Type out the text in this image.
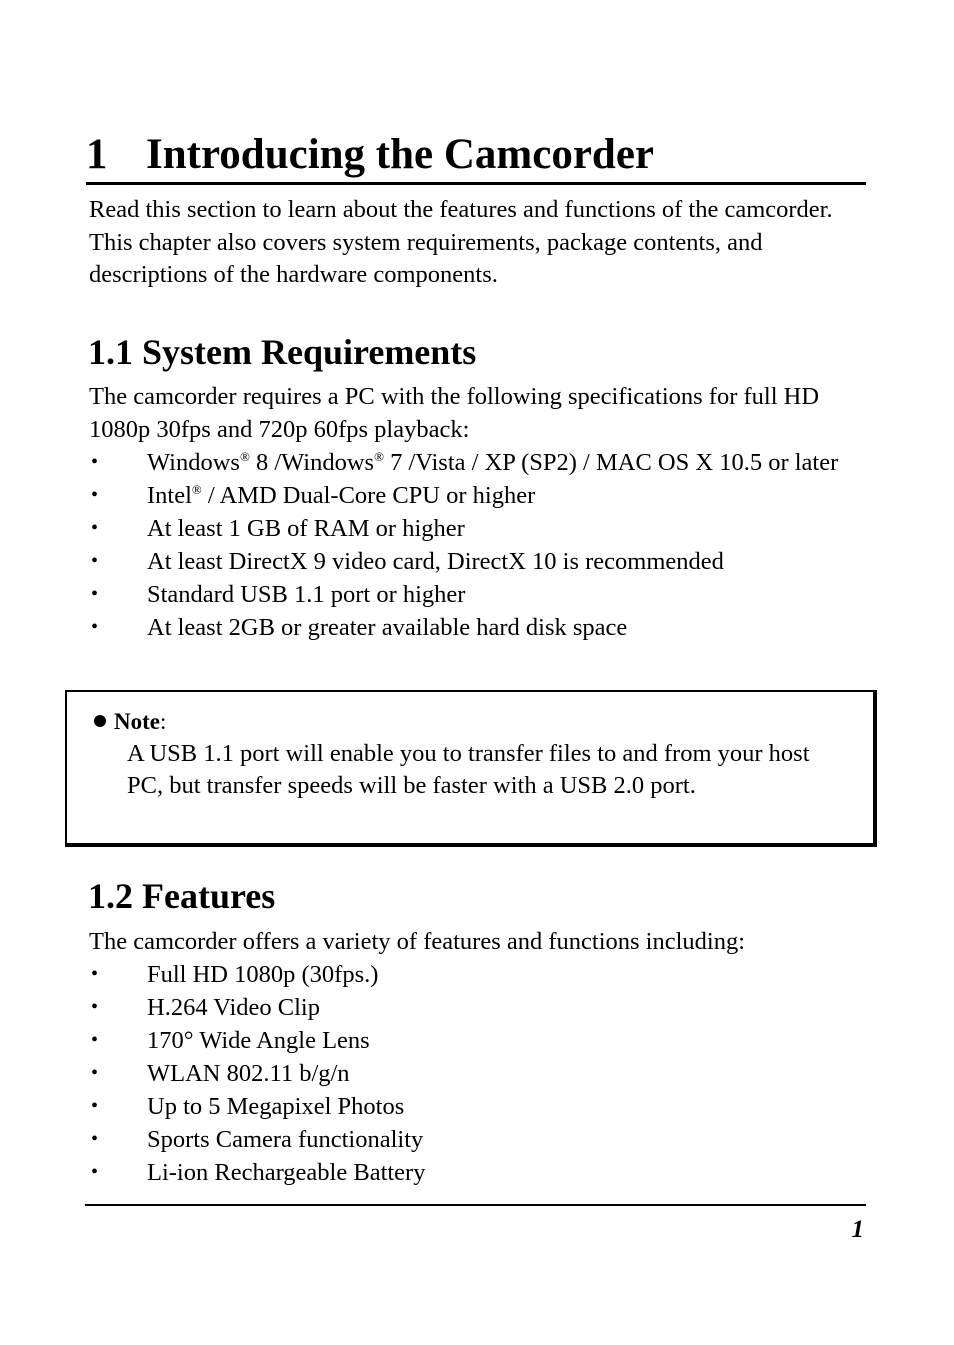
1 Introducing the Camcorder
Read this section to learn about the features and functions of the camcorder. This chapter also covers system requirements, package contents, and descriptions of the hardware components.
1.1 System Requirements
The camcorder requires a PC with the following specifications for full HD 1080p 30fps and 720p 60fps playback:
• Windows® 8 /Windows® 7 /Vista / XP (SP2) / MAC OS X 10.5 or later
• Intel® / AMD Dual-Core CPU or higher
• At least 1 GB of RAM or higher
• At least DirectX 9 video card, DirectX 10 is recommended
• Standard USB 1.1 port or higher
• At least 2GB or greater available hard disk space
Note:
A USB 1.1 port will enable you to transfer files to and from your host PC, but transfer speeds will be faster with a USB 2.0 port.
1.2 Features
The camcorder offers a variety of features and functions including:
• Full HD 1080p (30fps.)
• H.264 Video Clip
• 170° Wide Angle Lens
• WLAN 802.11 b/g/n
• Up to 5 Megapixel Photos
• Sports Camera functionality
• Li-ion Rechargeable Battery
1
